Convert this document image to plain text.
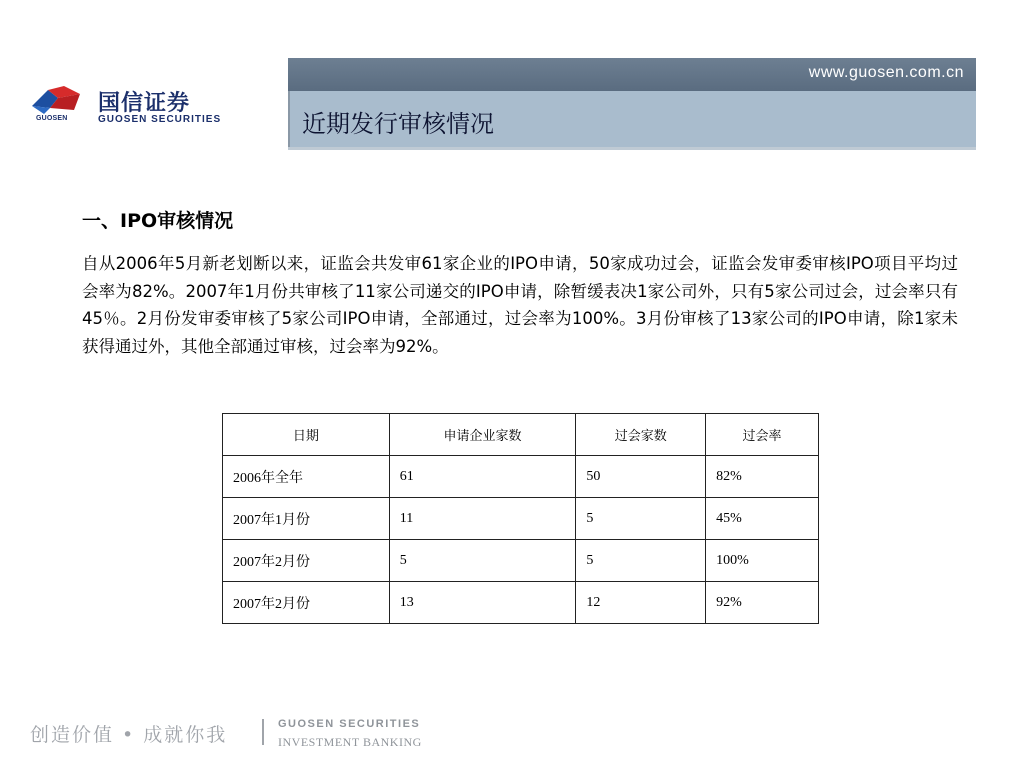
GUOSEN
国信证券
GUOSEN SECURITIES
www.guosen.com.cn
近期发行审核情况
一、IPO审核情况
自从2006年5月新老划断以来，证监会共发审61家企业的IPO申请，50家成功过会，证监会发审委审核IPO项目平均过会率为82%。2007年1月份共审核了11家公司递交的IPO申请，除暂缓表决1家公司外，只有5家公司过会，过会率只有45％。2月份发审委审核了5家公司IPO申请，全部通过，过会率为100%。3月份审核了13家公司的IPO申请，除1家未获得通过外，其他全部通过审核，过会率为92%。
日期	申请企业家数	过会家数	过会率
2006年全年	61	50	82%
2007年1月份	11	5	45%
2007年2月份	5	5	100%
2007年2月份	13	12	92%
创造价值 • 成就你我	GUOSEN SECURITIES
INVESTMENT BANKING
